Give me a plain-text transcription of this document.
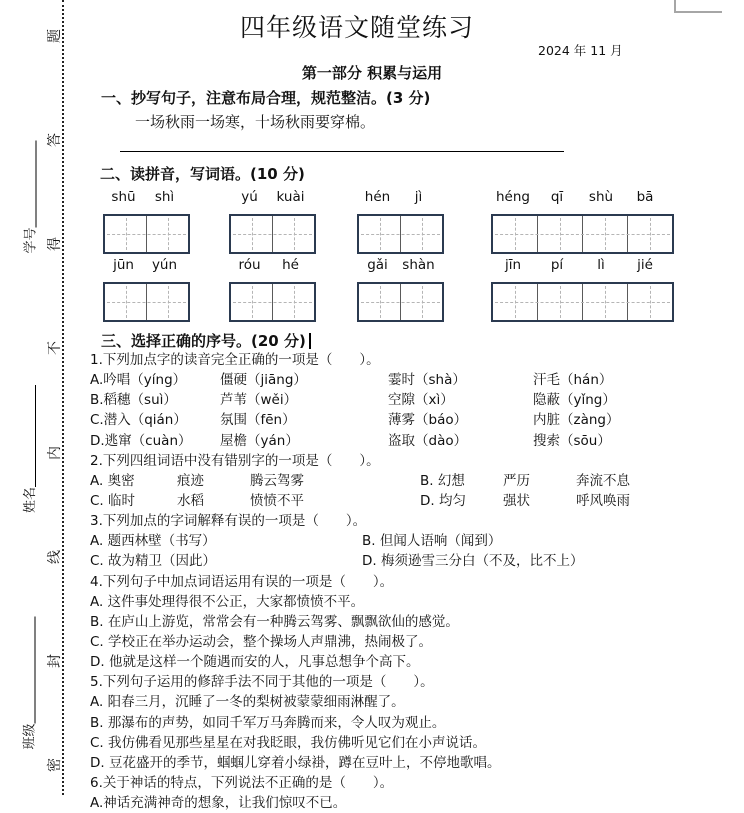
题
答
得
不
内
线
封
密
学号
姓名
班级
四年级语文随堂练习
2024 年 11 月
第一部分 积累与运用
一、抄写句子，注意布局合理，规范整洁。(3 分)
一场秋雨一场寒，十场秋雨要穿棉。
二、读拼音，写词语。(10 分)
shū	shì	yú	kuài	hén	jì	héng	qī	shù	bā
jūn	yún	róu	hé	gǎi	shàn	jīn	pí	lì	jié
三、选择正确的序号。(20 分)
1.下列加点字的读音完全正确的一项是（　　）。
A.吟唱（yíng）	僵硬（jiāng）	霎时（shà）	汗毛（hán）
B.稻穗（suì）	芦苇（wěi）	空隙（xì）	隐蔽（yǐng）
C.潜入（qián）	氛围（fēn）	薄雾（báo）	内脏（zàng）
D.逃窜（cuàn）	屋檐（yán）	盗取（dào）	搜索（sōu）
2.下列四组词语中没有错别字的一项是（　　）。
A. 奥密	痕迹	腾云驾雾	B. 幻想	严历	奔流不息
C. 临时	水稻	愤愤不平	D. 均匀	强状	呼风唤雨
3.下列加点的字词解释有误的一项是（　　）。
A. 题西林壁（书写）	B. 但闻人语响（闻到）
C. 故为精卫（因此）	D. 梅须逊雪三分白（不及，比不上）
4.下列句子中加点词语运用有误的一项是（　　）。
A. 这件事处理得很不公正，大家都愤愤不平。
B. 在庐山上游览，常常会有一种腾云驾雾、飘飘欲仙的感觉。
C. 学校正在举办运动会，整个操场人声鼎沸，热闹极了。
D. 他就是这样一个随遇而安的人，凡事总想争个高下。
5.下列句子运用的修辞手法不同于其他的一项是（　　）。
A. 阳春三月，沉睡了一冬的梨树被蒙蒙细雨淋醒了。
B. 那瀑布的声势，如同千军万马奔腾而来，令人叹为观止。
C. 我仿佛看见那些星星在对我眨眼，我仿佛听见它们在小声说话。
D. 豆花盛开的季节，蝈蝈儿穿着小绿褂，蹲在豆叶上，不停地歌唱。
6.关于神话的特点，下列说法不正确的是（　　）。
A.神话充满神奇的想象，让我们惊叹不已。
